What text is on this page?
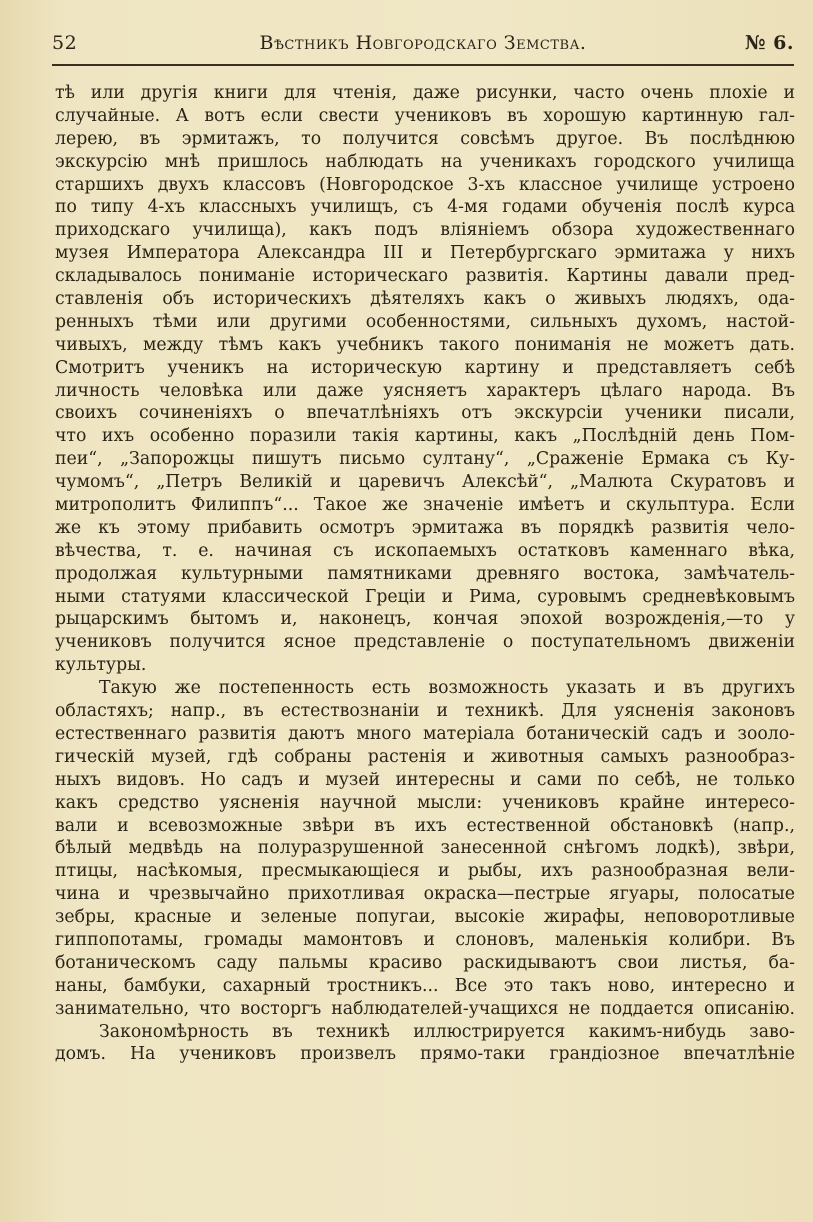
52	Вѣстникъ Новгородскаго Земства.	№ 6.
тѣ или другія книги для чтенія, даже рисунки, часто очень плохіе и
случайные. А вотъ если свести учениковъ въ хорошую картинную гал-
лерею, въ эрмитажъ, то получится совсѣмъ другое. Въ послѣднюю
экскурсію мнѣ пришлось наблюдать на ученикахъ городского училища
старшихъ двухъ классовъ (Новгородское 3-хъ классное училище устроено
по типу 4-хъ классныхъ училищъ, съ 4-мя годами обученія послѣ курса
приходскаго училища), какъ подъ вліяніемъ обзора художественнаго
музея Императора Александра III и Петербургскаго эрмитажа у нихъ
складывалось пониманіе историческаго развитія. Картины давали пред-
ставленія объ историческихъ дѣятеляхъ какъ о живыхъ людяхъ, ода-
ренныхъ тѣми или другими особенностями, сильныхъ духомъ, настой-
чивыхъ, между тѣмъ какъ учебникъ такого пониманія не можетъ дать.
Смотритъ ученикъ на историческую картину и представляетъ себѣ
личность человѣка или даже уясняетъ характеръ цѣлаго народа. Въ
своихъ сочиненіяхъ о впечатлѣніяхъ отъ экскурсіи ученики писали,
что ихъ особенно поразили такія картины, какъ „Послѣдній день Пом-
пеи“, „Запорожцы пишутъ письмо султану“, „Сраженіе Ермака съ Ку-
чумомъ“, „Петръ Великій и царевичъ Алексѣй“, „Малюта Скуратовъ и
митрополитъ Филиппъ“... Такое же значеніе имѣетъ и скульптура. Если
же къ этому прибавить осмотръ эрмитажа въ порядкѣ развитія чело-
вѣчества, т. е. начиная съ ископаемыхъ остатковъ каменнаго вѣка,
продолжая культурными памятниками древняго востока, замѣчатель-
ными статуями классической Греціи и Рима, суровымъ средневѣковымъ
рыцарскимъ бытомъ и, наконецъ, кончая эпохой возрожденія,—то у
учениковъ получится ясное представленіе о поступательномъ движеніи
культуры.
Такую же постепенность есть возможность указать и въ другихъ
областяхъ; напр., въ естествознаніи и техникѣ. Для уясненія законовъ
естественнаго развитія даютъ много матеріала ботаническій садъ и зооло-
гическій музей, гдѣ собраны растенія и животныя самыхъ разнообраз-
ныхъ видовъ. Но садъ и музей интересны и сами по себѣ, не только
какъ средство уясненія научной мысли: учениковъ крайне интересо-
вали и всевозможные звѣри въ ихъ естественной обстановкѣ (напр.,
бѣлый медвѣдь на полуразрушенной занесенной снѣгомъ лодкѣ), звѣри,
птицы, насѣкомыя, пресмыкающіеся и рыбы, ихъ разнообразная вели-
чина и чрезвычайно прихотливая окраска—пестрые ягуары, полосатые
зебры, красные и зеленые попугаи, высокіе жирафы, неповоротливые
гиппопотамы, громады мамонтовъ и слоновъ, маленькія колибри. Въ
ботаническомъ саду пальмы красиво раскидываютъ свои листья, ба-
наны, бамбуки, сахарный тростникъ... Все это такъ ново, интересно и
занимательно, что восторгъ наблюдателей-учащихся не поддается описанію.
Закономѣрность въ техникѣ иллюстрируется какимъ-нибудь заво-
домъ. На учениковъ произвелъ прямо-таки грандіозное впечатлѣніе
